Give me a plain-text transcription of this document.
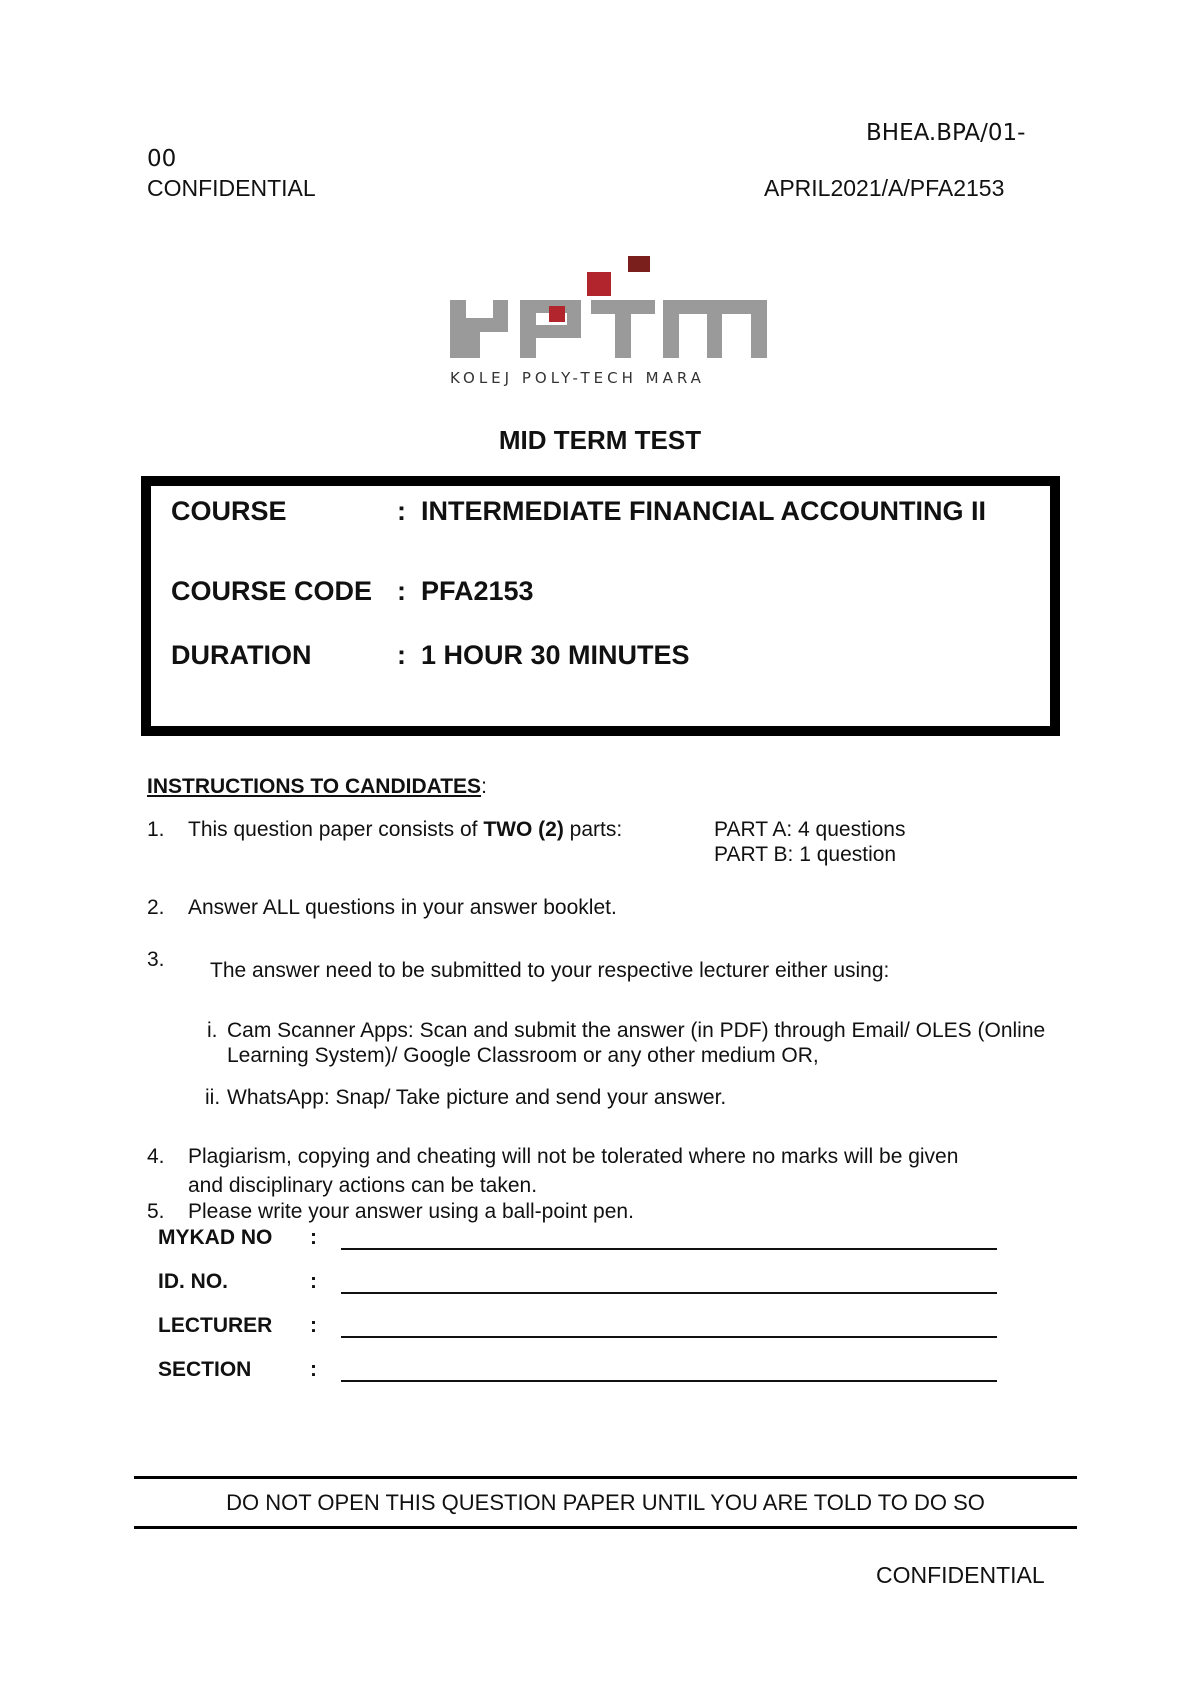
BHEA.BPA/01-
00
CONFIDENTIAL	APRIL2021/A/PFA2153
KOLEJ POLY-TECH MARA
MID TERM TEST
COURSE	: INTERMEDIATE FINANCIAL ACCOUNTING II
COURSE CODE : PFA2153
DURATION	: 1 HOUR 30 MINUTES
INSTRUCTIONS TO CANDIDATES:
1. This question paper consists of TWO (2) parts:	PART A: 4 questions
PART B: 1 question
2. Answer ALL questions in your answer booklet.
3. The answer need to be submitted to your respective lecturer either using:
i. Cam Scanner Apps: Scan and submit the answer (in PDF) through Email/ OLES (Online
Learning System)/ Google Classroom or any other medium OR,
ii. WhatsApp: Snap/ Take picture and send your answer.
4. Plagiarism, copying and cheating will not be tolerated where no marks will be given
and disciplinary actions can be taken.
5. Please write your answer using a ball-point pen.
MYKAD NO :
ID. NO.	:
LECTURER :
SECTION	:
DO NOT OPEN THIS QUESTION PAPER UNTIL YOU ARE TOLD TO DO SO
CONFIDENTIAL
